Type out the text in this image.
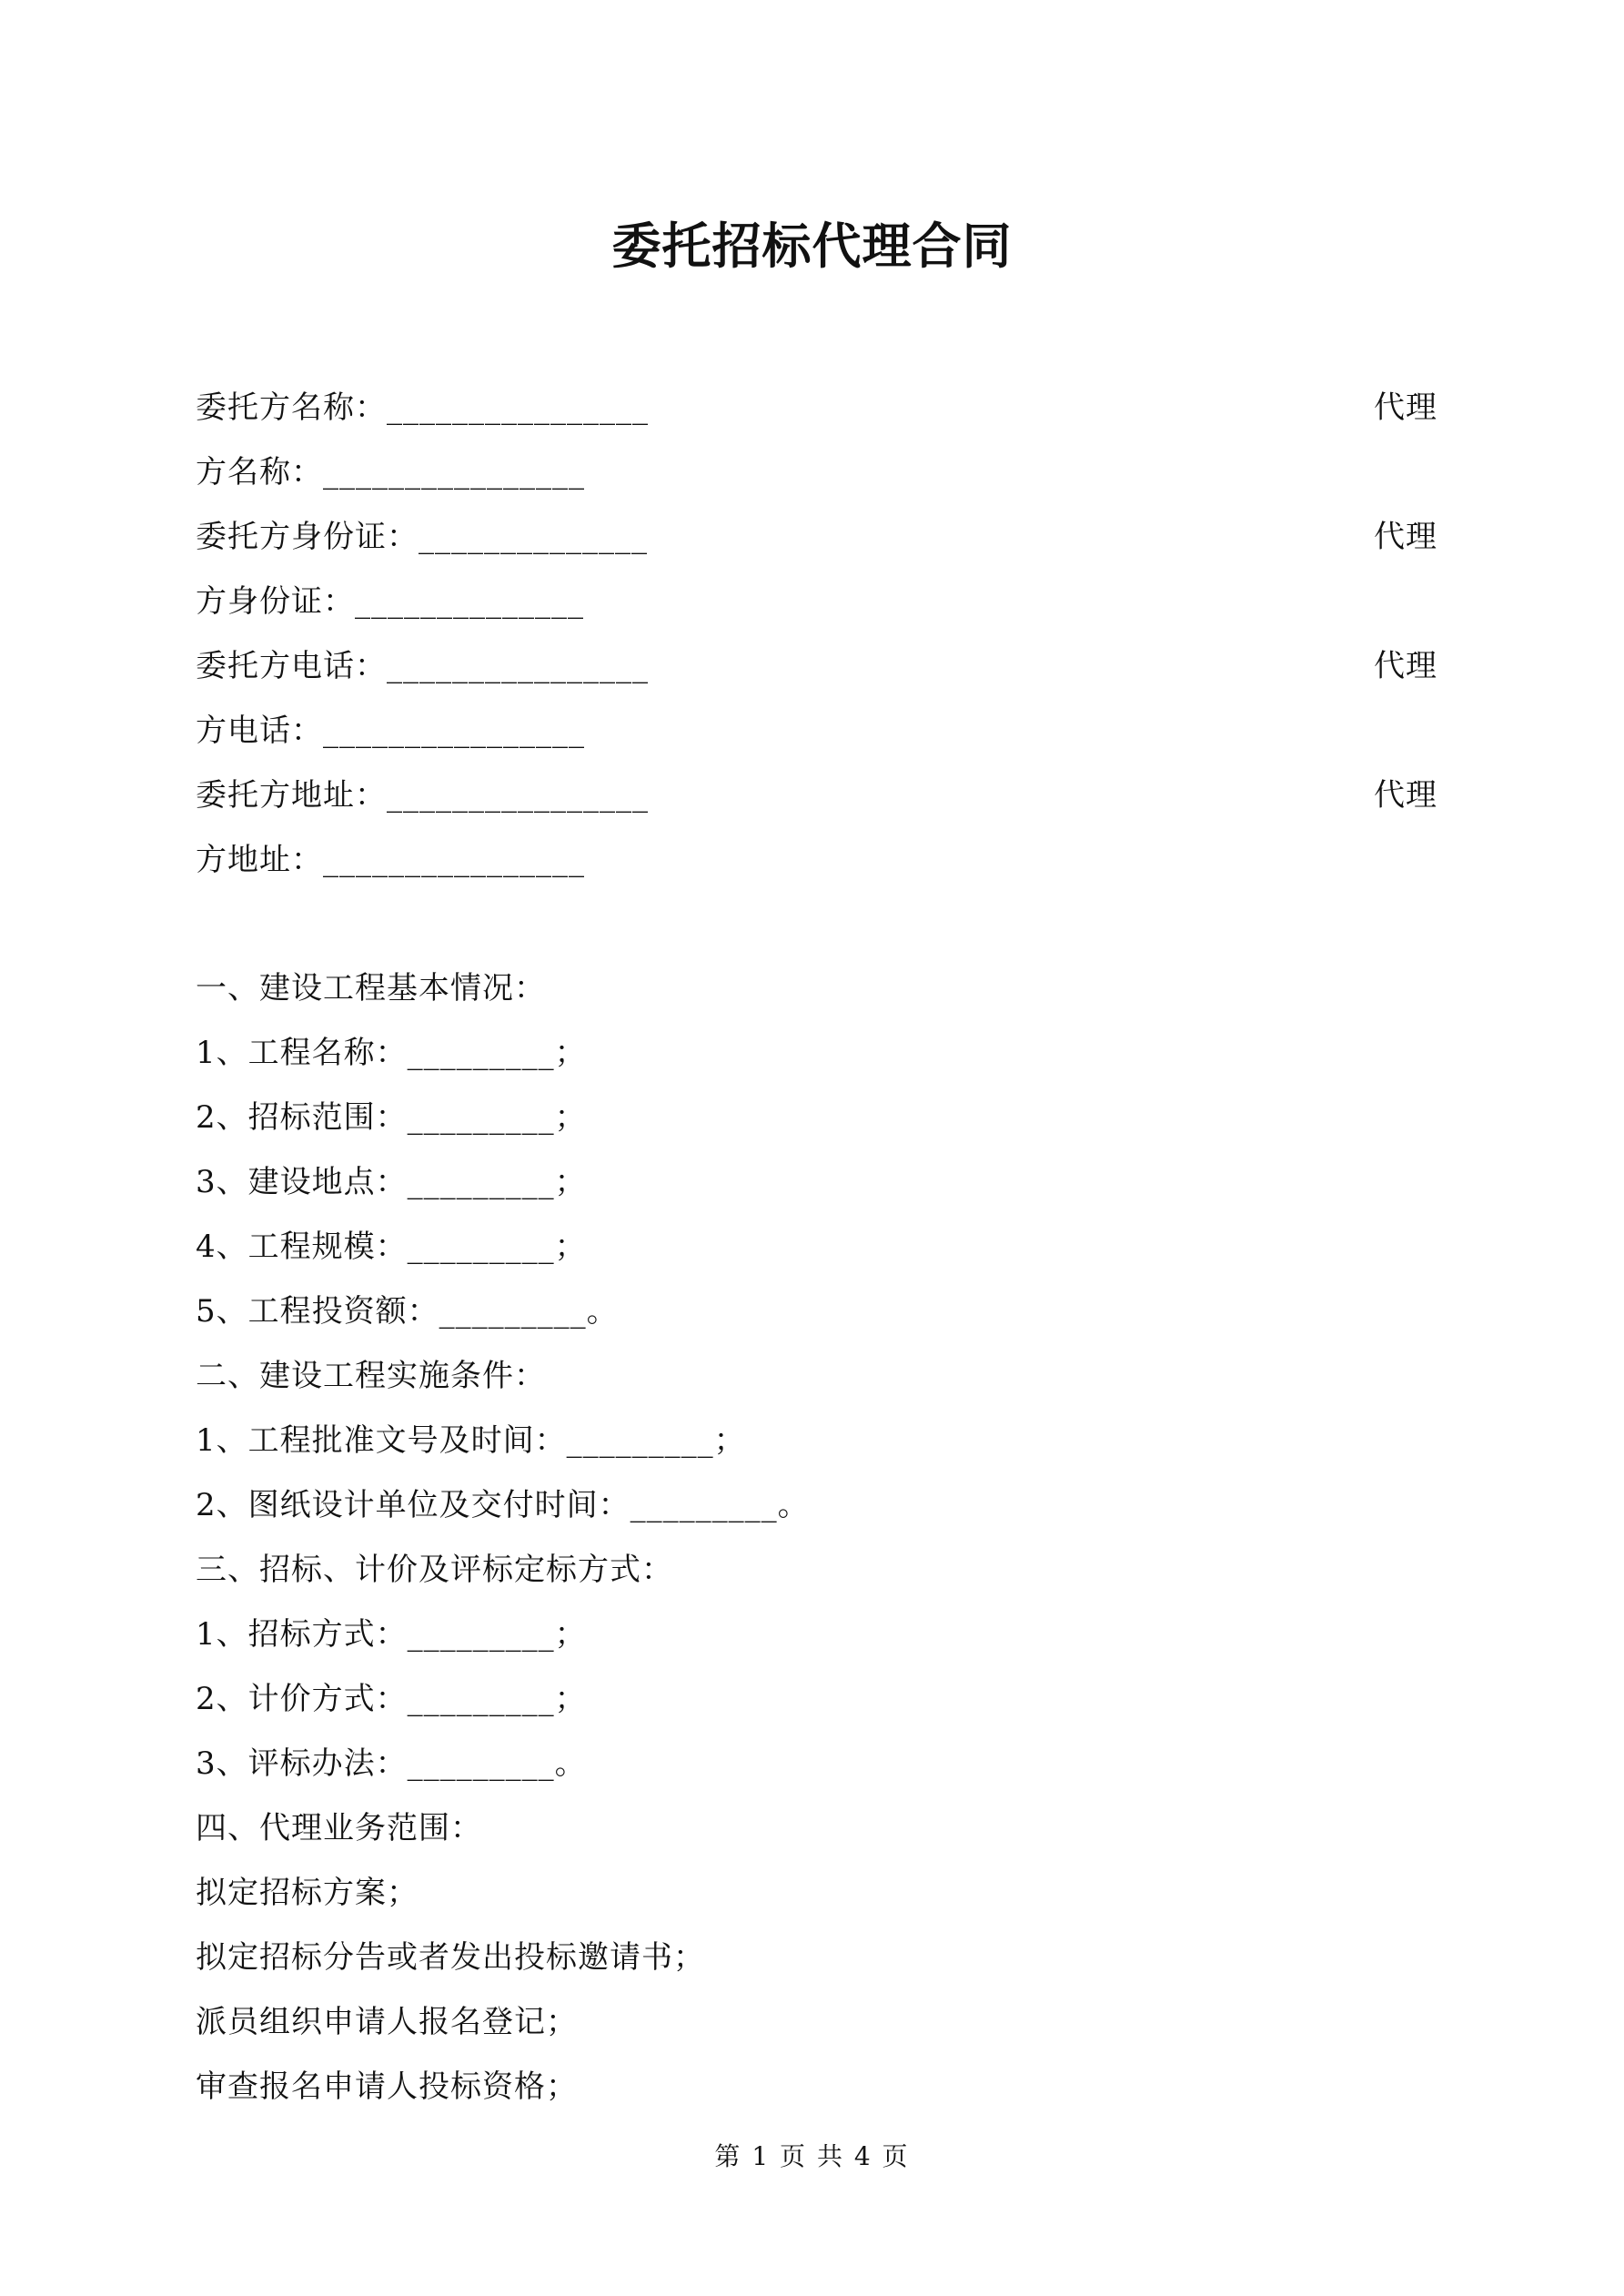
委托招标代理合同
委托方名称：________________	代理
方名称：________________
委托方身份证：______________	代理
方身份证：______________
委托方电话：________________	代理
方电话：________________
委托方地址：________________	代理
方地址：________________
一、建设工程基本情况：
1、工程名称：_________；
2、招标范围：_________；
3、建设地点：_________；
4、工程规模：_________；
5、工程投资额：_________。
二、建设工程实施条件：
1、工程批准文号及时间：_________；
2、图纸设计单位及交付时间：_________。
三、招标、计价及评标定标方式：
1、招标方式：_________；
2、计价方式：_________；
3、评标办法：_________。
四、代理业务范围：
拟定招标方案；
拟定招标分告或者发出投标邀请书；
派员组织申请人报名登记；
审查报名申请人投标资格；
第 1 页 共 4 页
